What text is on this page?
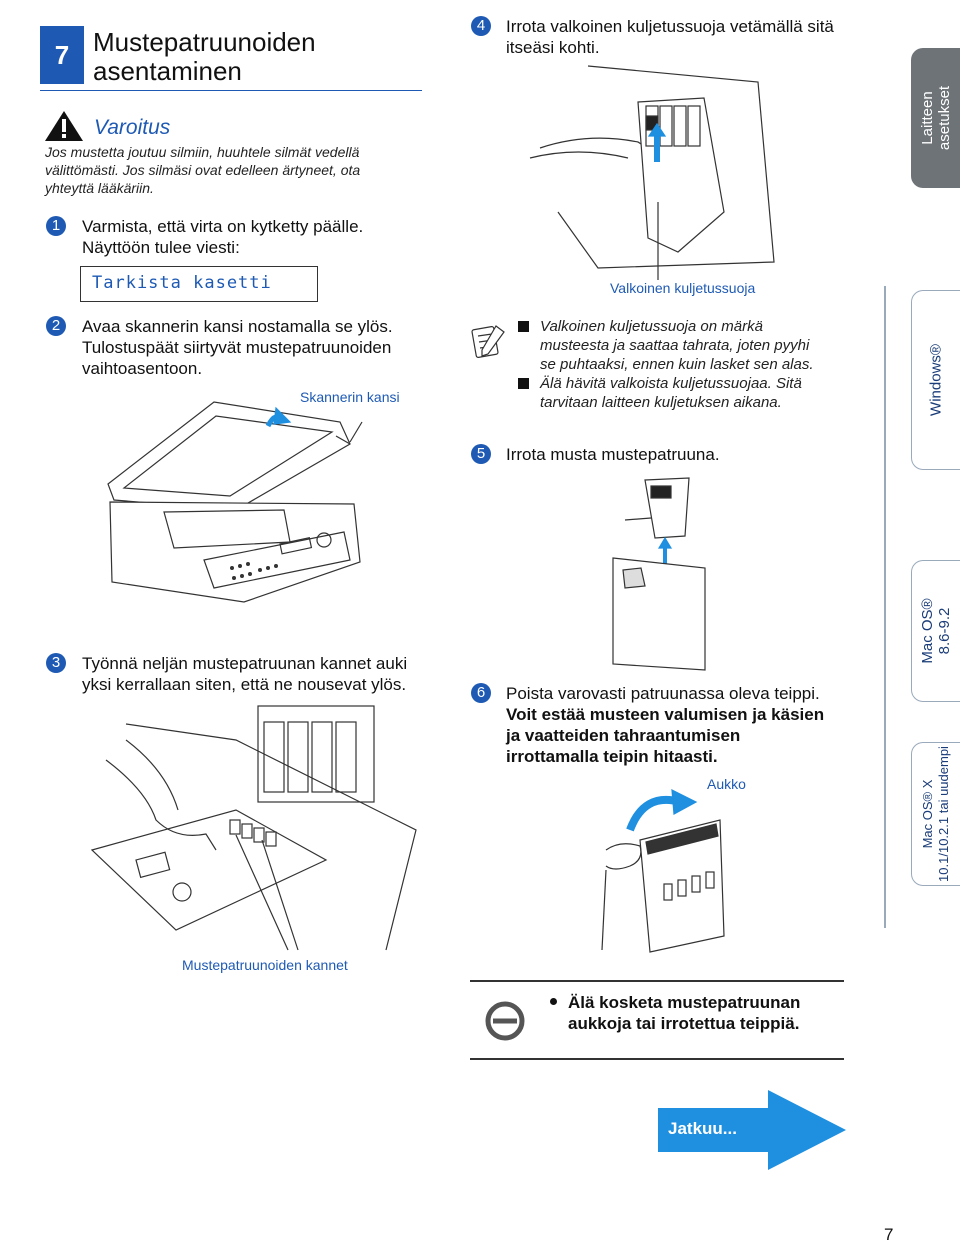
7 Mustepatruunoiden
asentaminen
Varoitus
Jos mustetta joutuu silmiin, huuhtele silmät vedellä
välittömästi. Jos silmäsi ovat edelleen ärtyneet, ota
yhteyttä lääkäriin.
1	Varmista, että virta on kytketty päälle.
Näyttöön tulee viesti:
Tarkista kasetti
2	Avaa skannerin kansi nostamalla se ylös.
Tulostuspäät siirtyvät mustepatruunoiden
vaihtoasentoon.
Skannerin kansi
3	Työnnä neljän mustepatruunan kannet auki
yksi kerrallaan siten, että ne nousevat ylös.
Mustepatruunoiden kannet
4	Irrota valkoinen kuljetussuoja vetämällä sitä
itseäsi kohti.
Valkoinen kuljetussuoja
Valkoinen kuljetussuoja on märkä
musteesta ja saattaa tahrata, joten pyyhi
se puhtaaksi, ennen kuin lasket sen alas.
Älä hävitä valkoista kuljetussuojaa. Sitä
tarvitaan laitteen kuljetuksen aikana.
5	Irrota musta mustepatruuna.
6	Poista varovasti patruunassa oleva teippi.
Voit estää musteen valumisen ja käsien
ja vaatteiden tahraantumisen
irrottamalla teipin hitaasti.
Aukko
Älä kosketa mustepatruunan
aukkoja tai irrotettua teippiä.
Jatkuu...
7
Laitteen asetukset
Windows®
Mac OS® 8.6-9.2
Mac OS® X 10.1/10.2.1 tai uudempi
